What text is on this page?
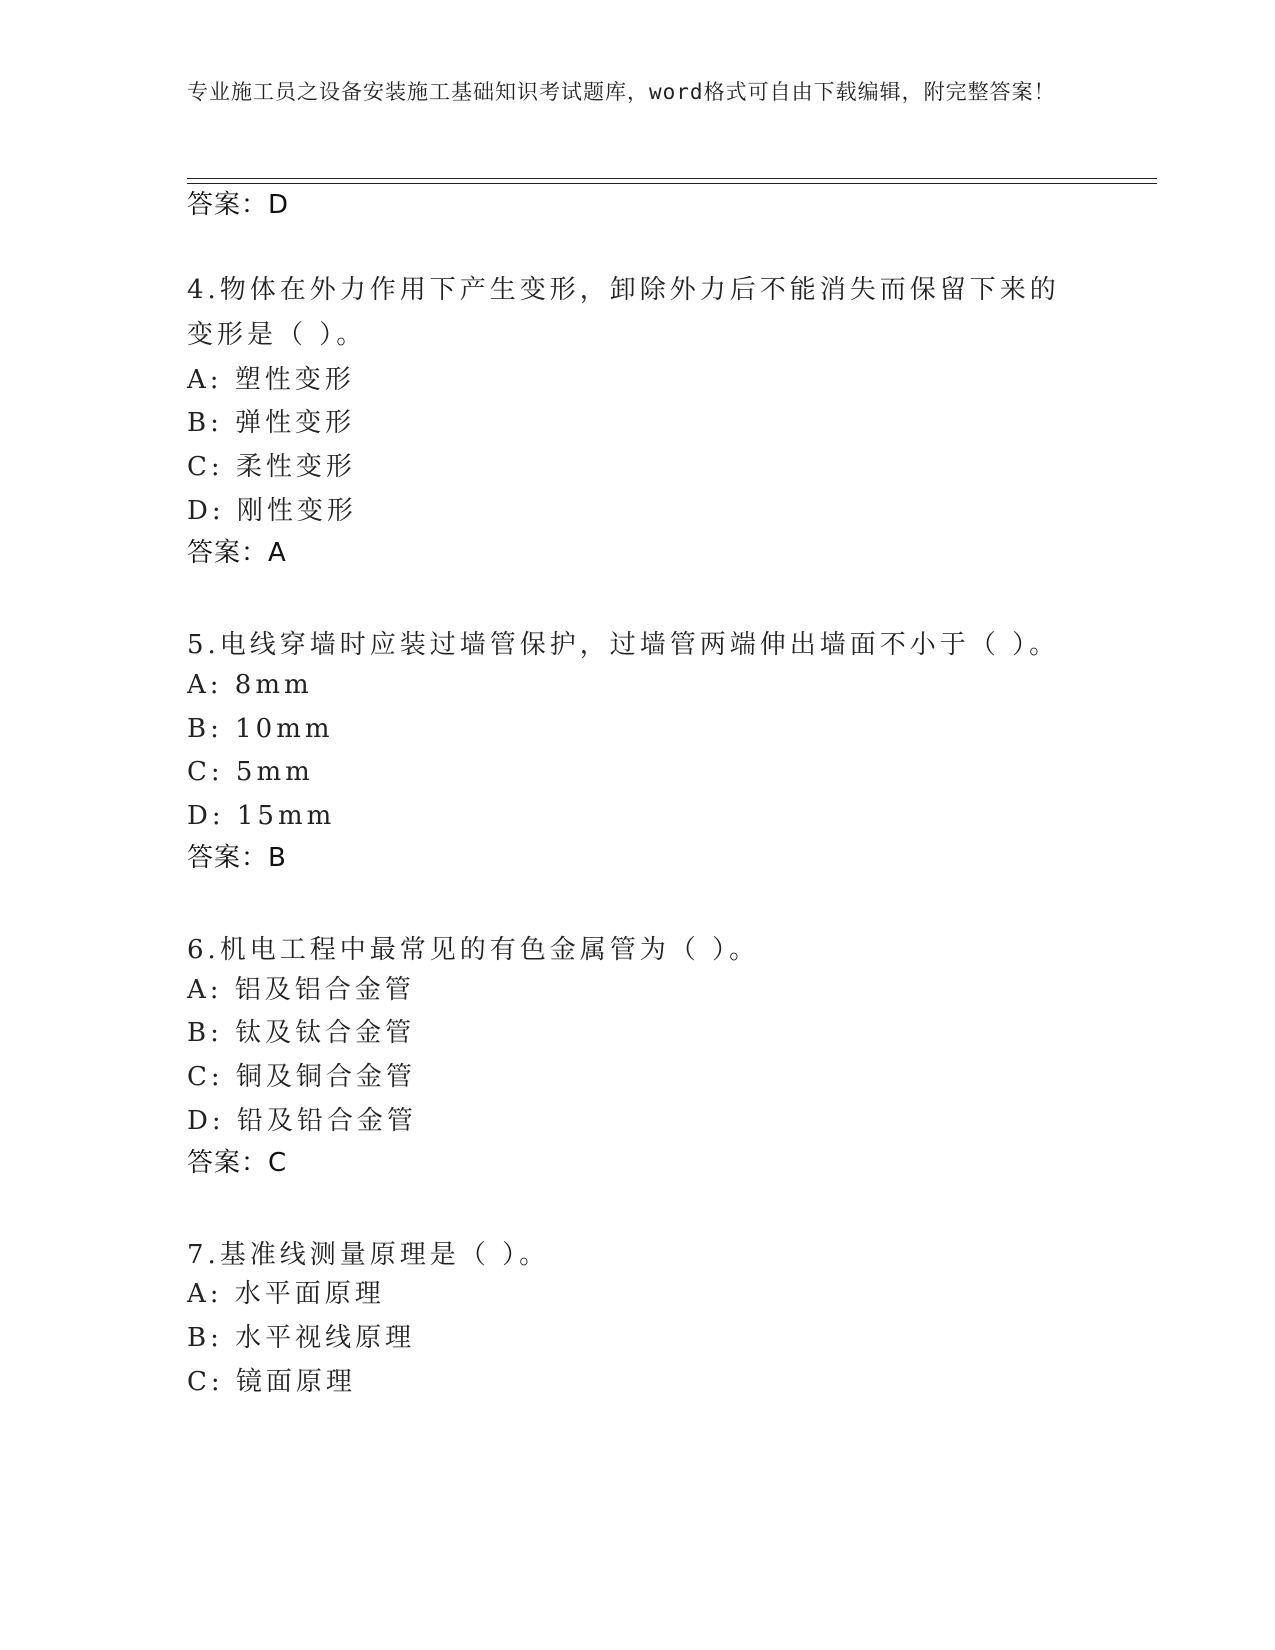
专业施工员之设备安装施工基础知识考试题库，word格式可自由下载编辑，附完整答案！
答案：D
4.物体在外力作用下产生变形，卸除外力后不能消失而保留下来的变形是（ ）。
A: 塑性变形
B: 弹性变形
C: 柔性变形
D: 刚性变形
答案：A
5.电线穿墙时应装过墙管保护，过墙管两端伸出墙面不小于（ ）。
A: 8mm
B: 10mm
C: 5mm
D: 15mm
答案：B
6.机电工程中最常见的有色金属管为（ ）。
A: 铝及铝合金管
B: 钛及钛合金管
C: 铜及铜合金管
D: 铅及铅合金管
答案：C
7.基准线测量原理是（ ）。
A: 水平面原理
B: 水平视线原理
C: 镜面原理
